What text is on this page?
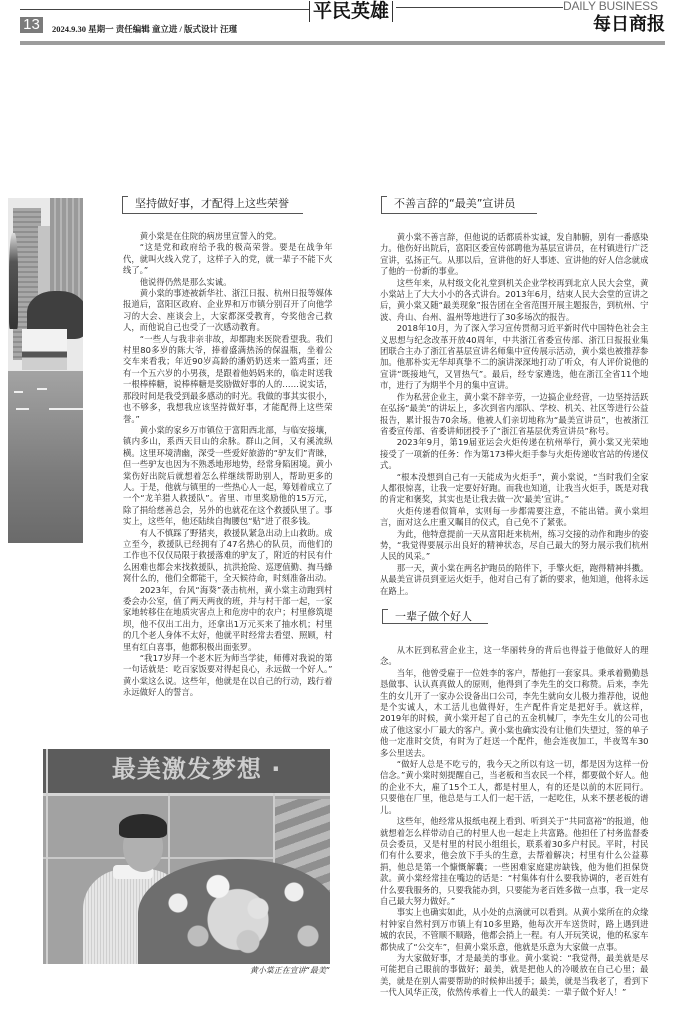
13	2024.9.30 星期一 责任编辑 童立进 / 版式设计 汪瑾
平民英雄	DAILY BUSINESS
每日商报
坚持做好事，才配得上这些荣誉

黄小棠是在住院的病房里宣誓入的党。

“这是党和政府给予我的极高荣誉。要是在战争年代，就叫火线入党了，这样子入的党，就一辈子不能下火线了。”

他说得仍然是那么实诚。

黄小棠的事迹被新华社、浙江日报、杭州日报等媒体报道后，富阳区政府、企业界和万市镇分别召开了向他学习的大会、座谈会上，大家都深受教育，夸奖他舍己救人，而他说自己也受了一次感动教育。

“一些人与我非亲非故，却都跑来医院看望我。我们村里80多岁的陈大爷，捧着盛满热汤的保温瓶，坐着公交车来看我；年近90岁高龄的潘奶奶送来一篮鸡蛋；还有一个五六岁的小男孩，是跟着他妈妈来的，临走时送我一根棒棒糖，说棒棒糖是奖励做好事的人的……说实话，那段时间是我受到最多感动的时光。我做的事其实很小，也不够多，我想我应该坚持做好事，才能配得上这些荣誉。”

黄小棠的家乡万市镇位于富阳西北部，与临安接壤，镇内多山，系西天目山的余脉。群山之间，又有溪流纵横。这里环境清幽，深受一些爱好旅游的“驴友们”青睐，但一些驴友也因为不熟悉地形地势，经常身陷困境。黄小棠伤好出院后就想着怎么样继续帮助别人，帮助更多的人。于是，他就与镇里的一些热心人一起，筹划着成立了一个“龙羊猎人救援队”。省里、市里奖励他的15万元，除了捐给慈善总会，另外的也就花在这个救援队里了。事实上，这些年，他还陆续自掏腰包“贴”进了很多钱。

有人不慎踩了野猪夹，救援队紧急出动上山救助。成立至今，救援队已经拥有了47名热心的队员，而他们的工作也不仅仅局限于救援落难的驴友了，附近的村民有什么困难也都会来找救援队，抗洪抢险、巡逻值勤、掏马蜂窝什么的，他们全都能干，全天候待命，时刻准备出动。

2023年，台风“海葵”袭击杭州，黄小棠主动跑到村委会办公室，值了两天两夜的班，并与村干部一起，一家家地转移住在地质灾害点上和危房中的农户；村里修筑堤坝，他不仅出工出力，还拿出1万元买来了抽水机；村里的几个老人身体不太好，他就平时经常去看望、照顾，村里有红白喜事，他都积极出面张罗。

“我17岁拜一个老木匠为师当学徒，师傅对我说的第一句话就是：吃百家饭要对得起良心，永远做一个好人。”黄小棠这么说。这些年，他就是在以自己的行动，践行着永远做好人的誓言。

不善言辞的“最美”宣讲员

黄小棠不善言辞，但他说的话都质朴实诚，发自肺腑，别有一番感染力。他伤好出院后，富阳区委宣传部聘他为基层宣讲员，在村镇进行广泛宣讲，弘扬正气。从那以后，宣讲他的好人事迹、宣讲他的好人信念就成了他的一份新的事业。

这些年来，从村级文化礼堂到机关企业学校再到北京人民大会堂，黄小棠站上了大大小小的各式讲台。2013年6月，结束人民大会堂的宣讲之后，黄小棠又随“最美现象”报告团在全省范围开展主题报告，到杭州、宁波、舟山、台州、温州等地进行了30多场次的报告。

2018年10月，为了深入学习宣传贯彻习近平新时代中国特色社会主义思想与纪念改革开放40周年，中共浙江省委宣传部、浙江日报报业集团联合主办了浙江省基层宣讲名师集中宣传展示活动，黄小棠也被推荐参加。他那朴实无华却真挚不二的演讲深深地打动了听众，有人评价说他的宣讲“既接地气，又冒热气”。最后，经专家遴选，他在浙江全省11个地市，进行了为期半个月的集中宣讲。

作为私营企业主，黄小棠不辞辛劳，一边搞企业经营，一边坚持活跃在弘扬“最美”的讲坛上，多次到省内部队、学校、机关、社区等进行公益报告，累计报告70余场。他被人们亲切地称为“最美宣讲员”，也被浙江省委宣传部、省委讲师团授予了“浙江省基层优秀宣讲员”称号。

2023年9月，第19届亚运会火炬传递在杭州举行，黄小棠又光荣地接受了一项新的任务：作为第173棒火炬手参与火炬传递收官站的传递仪式。

“根本没想到自己有一天能成为火炬手”，黄小棠说，“当时我们全家人都很惊喜，让我一定要好好跑。而我也知道，让我当火炬手，既是对我的肯定和褒奖，其实也是让我去做一次‘最美’宣讲。”

火炬传递看似简单，实则每一步都需要注意，不能出错。黄小棠坦言，面对这么庄重又瞩目的仪式，自己免不了紧张。

为此，他特意提前一天从富阳赶来杭州，练习交接的动作和跑步的姿势，“我觉得要展示出良好的精神状态，尽自己最大的努力展示我们杭州人民的风采。”

那一天，黄小棠在两名护跑员的陪伴下，手擎火炬，跑得精神抖擞。从最美宣讲员到亚运火炬手，他对自己有了新的要求，他知道，他将永远在路上。

一辈子做个好人

从木匠到私营企业主，这一华丽转身的背后也得益于他做好人的理念。

当年，他曾受雇于一位姓李的客户，帮他打一套家具。秉承着勤勤恳恳做事、认认真真做人的原则，他得到了李先生的交口称赞。后来，李先生的女儿开了一家办公设备出口公司，李先生就向女儿极力推荐他，说他是个实诚人，木工活儿也做得好，生产配件肯定是把好手。就这样，2019年的时候，黄小棠开起了自己的五金机械厂，李先生女儿的公司也成了他这家小厂最大的客户。黄小棠也确实没有让他们失望过，签的单子他一定准时交货，有时为了赶送一个配件，他会连夜加工，半夜驾车30多公里送去。

“做好人总是不吃亏的，我今天之所以有这一切，都是因为这样一份信念。”黄小棠时刻提醒自己，当老板和当农民一个样，都要做个好人。他的企业不大，雇了15个工人，都是村里人，有的还是以前的木匠同行。只要他在厂里，他总是与工人们一起干活，一起吃住，从来不摆老板的谱儿。

这些年，他经常从报纸电视上看到、听到关于“共同富裕”的报道，他就想着怎么样带动自己的村里人也一起走上共富路。他担任了村务监督委员会委员，又是村里的村民小组组长，联系着30多户村民。平时，村民们有什么要求，他会放下手头的生意，去帮着解决；村里有什么公益募捐，他总是第一个慷慨解囊；一些困难家庭建房缺钱，他为他们担保贷款。黄小棠经常挂在嘴边的话是：“村集体有什么要我协调的，老百姓有什么要我服务的，只要我能办到，只要能为老百姓多做一点事，我一定尽自己最大努力做好。”

事实上也确实如此，从小处的点滴就可以看到。从黄小棠所在的众缘村钟家自然村到万市镇上有10多里路，他每次开车送货时，路上遇到进城的农民，不管顺不顺路，他都会捎上一程。有人开玩笑说，他的私家车都快成了“公交车”，但黄小棠乐意，他就是乐意为大家做一点事。

为大家做好事，才是最美的事业。黄小棠说：“我觉得，最美就是尽可能把自己眼前的事做好；最美，就是把他人的冷暖放在自己心里；最美，就是在别人需要帮助的时候伸出援手；最美，就是当我老了，看到下一代人风华正茂，依然传承着上一代人的最美：一辈子做个好人！”

最美激发梦想 ·
黄小棠正在宣讲“最美”
